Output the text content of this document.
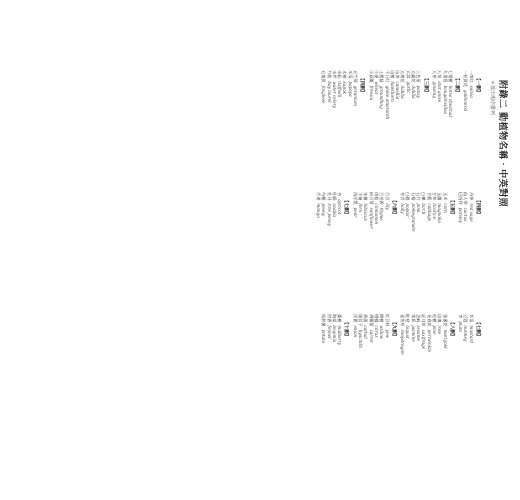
附錄二 動植物名稱‧中英對照
＊按出現序排列
【一劃】
一串紅salvia
一枝黃花goldenrod
【二劃】
七葉樹horse chestnut
九重葛bougainvillea
八角star anise
人參ginseng
【三劃】
三色堇pansy
大麗花dahlia
大蒜garlic
大理花dahlia
山茶camellia
山楂hawthorn
千日紅globe amaranth
土撥鼠groundhog
小麥wheat
小蒼蘭freesia
【四劃】
天竺葵geranium
木瓜papaya
木棉kapok
水仙daffodil
水芹water celery
月桂bay laurel
毛地黃foxglove
【四劃】
丹參red sage
仙人掌cactus
巴西利parsley
【五劃】
玉米corn
玉蘭magnolia
甘草licorice
甘藍cabbage
白樺birch
石竹pink
石榴pomegranate
白楊poplar
冬青holly
【六劃】
百合lily
百里香thyme
肉桂cinnamon
向日葵sunflower
朱槿hibiscus
羊齒fern
西洋梨pear
【七劃】
杏apricot
杜鵑azalea
牡丹tree peony
芍藥peony
芒果mango
【七劃】
芥菜mustard
豆蔻nutmeg
李plum
【八劃】
金盞花marigold
玫瑰rose
松樹pine
長春花periwinkle
虎耳草saxifrage
芝麻sesame
茉莉jasmine
枇杷loquat
金魚草snapdragon
【九劃】
紅豆杉yew
柳樹willow
柑橘citrus
胡蘿蔔carrot
香蒲cattail
風信子hyacinth
洋蔥onion
【十劃】
桑樹mulberry
海棠begonia
茴香fennel
馬鈴薯potato
